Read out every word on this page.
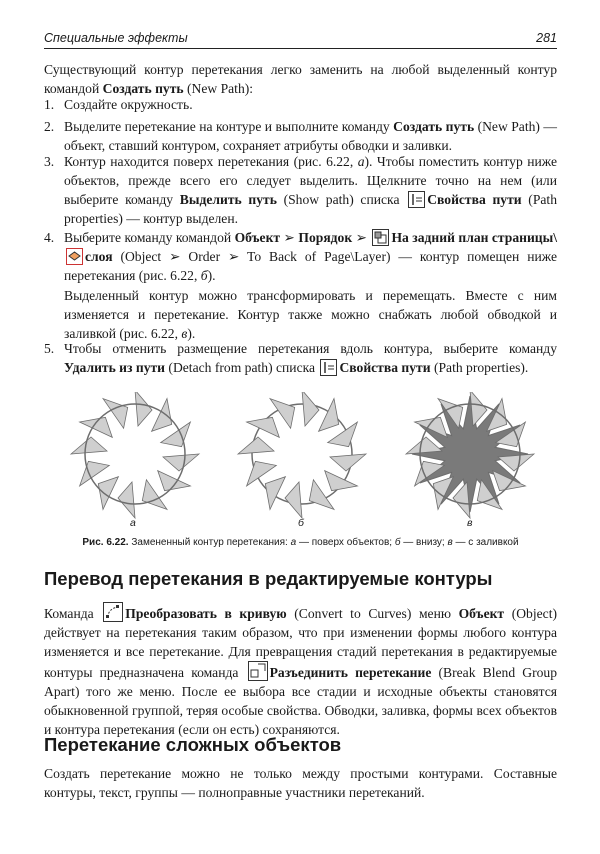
Специальные эффекты	281
Существующий контур перетекания легко заменить на любой выделенный контур командой Создать путь (New Path):
1. Создайте окружность.
2. Выделите перетекание на контуре и выполните команду Создать путь (New Path) — объект, ставший контуром, сохраняет атрибуты обводки и заливки.
3. Контур находится поверх перетекания (рис. 6.22, а). Чтобы поместить контур ниже объектов, прежде всего его следует выделить. Щелкните точно на нем (или выберите команду Выделить путь (Show path) списка
Свойства пути (Path properties) — контур выделен.
4. Выберите команду командой Объект ➢ Порядок ➢
На задний план страницы\
слоя (Object ➢ Order ➢ To Back of Page\Layer) — контур помещен ниже перетекания (рис. 6.22, б).
Выделенный контур можно трансформировать и перемещать. Вместе с ним изменяется и перетекание. Контур также можно снабжать любой обводкой и заливкой (рис. 6.22, в).
5. Чтобы отменить размещение перетекания вдоль контура, выберите команду Удалить из пути (Detach from path) списка
Свойства пути (Path properties).
а	б	в
Рис. 6.22. Замененный контур перетекания: а — поверх объектов; б — внизу; в — с заливкой
Перевод перетекания в редактируемые контуры
Команда
Преобразовать в кривую (Convert to Curves) меню Объект (Object) действует на перетекания таким образом, что при изменении формы любого контура изменяется и все перетекание. Для превращения стадий перетекания в редактируемые контуры предназначена команда
Разъединить перетекание (Break Blend Group Apart) того же меню. После ее выбора все стадии и исходные объекты становятся обыкновенной группой, теряя особые свойства. Обводки, заливка, формы всех объектов и контура перетекания (если он есть) сохраняются.
Перетекание сложных объектов
Создать перетекание можно не только между простыми контурами. Составные контуры, текст, группы — полноправные участники перетеканий.
